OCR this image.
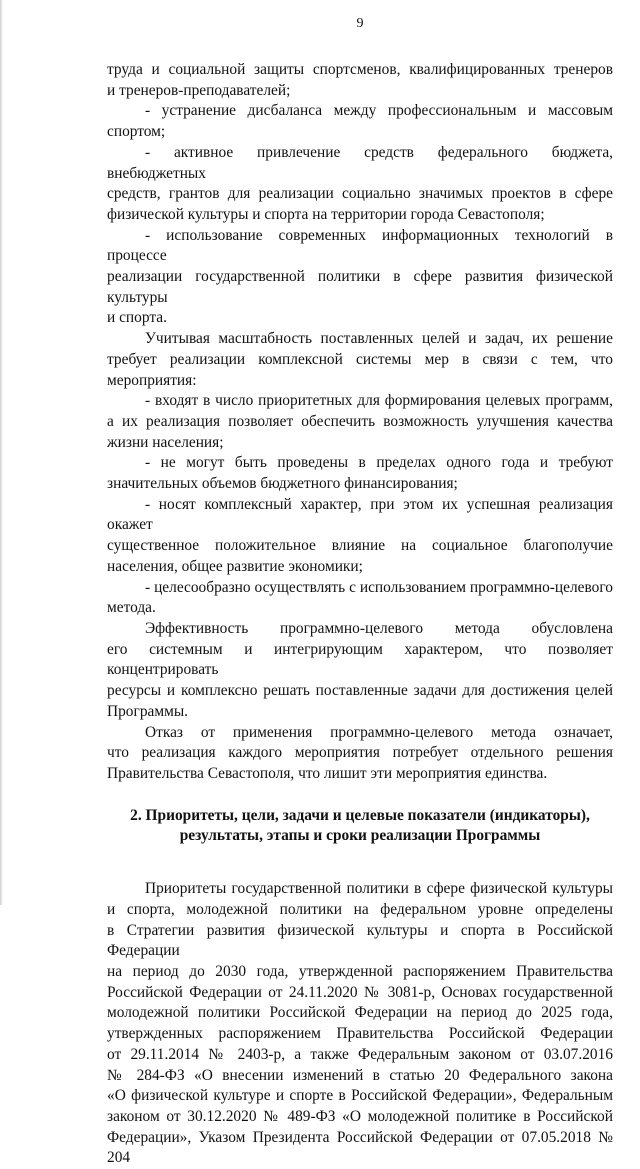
9

труда и социальной защиты спортсменов, квалифицированных тренеров

и тренеров-преподавателей;

- устранение дисбаланса между профессиональным и массовым

спортом;

- активное привлечение средств федерального бюджета, внебюджетных

средств, грантов для реализации социально значимых проектов в сфере

физической культуры и спорта на территории города Севастополя;

- использование современных информационных технологий в процессе

реализации государственной политики в сфере развития физической культуры

и спорта.

Учитывая масштабность поставленных целей и задач, их решение

требует реализации комплексной системы мер в связи с тем, что мероприятия:

- входят в число приоритетных для формирования целевых программ,

а их реализация позволяет обеспечить возможность улучшения качества

жизни населения;

- не могут быть проведены в пределах одного года и требуют

значительных объемов бюджетного финансирования;

- носят комплексный характер, при этом их успешная реализация окажет

существенное положительное влияние на социальное благополучие

населения, общее развитие экономики;

- целесообразно осуществлять с использованием программно-целевого

метода.

Эффективность программно-целевого метода обусловлена

его системным и интегрирующим характером, что позволяет концентрировать

ресурсы и комплексно решать поставленные задачи для достижения целей

Программы.

Отказ от применения программно-целевого метода означает,

что реализация каждого мероприятия потребует отдельного решения

Правительства Севастополя, что лишит эти мероприятия единства.

2. Приоритеты, цели, задачи и целевые показатели (индикаторы),
результаты, этапы и сроки реализации Программы

Приоритеты государственной политики в сфере физической культуры

и спорта, молодежной политики на федеральном уровне определены

в Стратегии развития физической культуры и спорта в Российской Федерации

на период до 2030 года, утвержденной распоряжением Правительства

Российской Федерации от 24.11.2020 № 3081-р, Основах государственной

молодежной политики Российской Федерации на период до 2025 года,

утвержденных распоряжением Правительства Российской Федерации

от 29.11.2014 № 2403-р, а также Федеральным законом от 03.07.2016

№ 284-ФЗ «О внесении изменений в статью 20 Федерального закона

«О физической культуре и спорте в Российской Федерации», Федеральным

законом от 30.12.2020 № 489-ФЗ «О молодежной политике в Российской

Федерации», Указом Президента Российской Федерации от 07.05.2018 № 204
